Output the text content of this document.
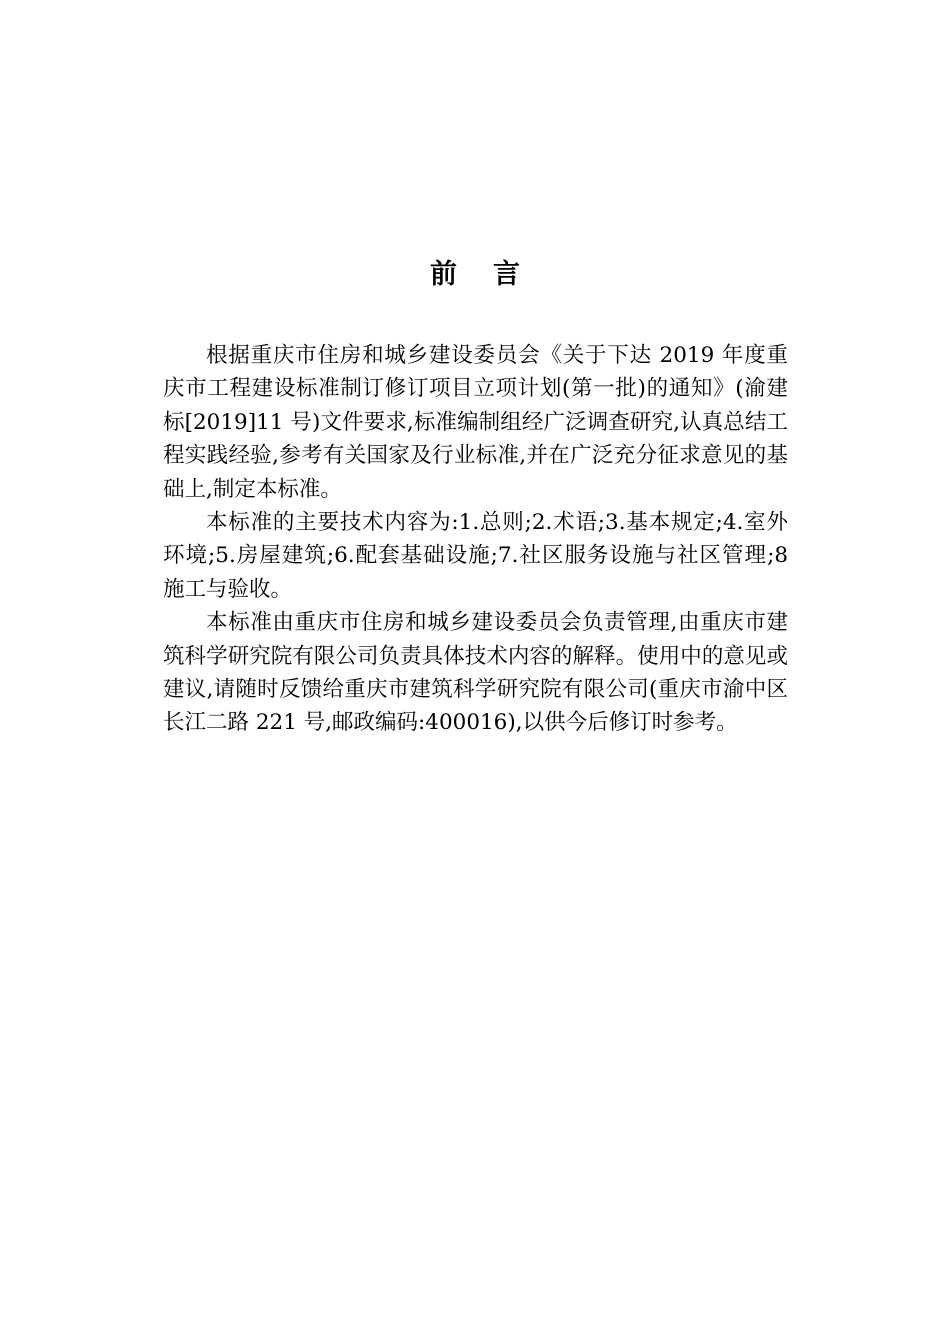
前 言

根据重庆市住房和城乡建设委员会《关于下达 2019 年度重庆市工程建设标准制订修订项目立项计划(第一批)的通知》(渝建标[2019]11 号)文件要求,标准编制组经广泛调查研究,认真总结工程实践经验,参考有关国家及行业标准,并在广泛充分征求意见的基础上,制定本标准。

本标准的主要技术内容为:1.总则;2.术语;3.基本规定;4.室外环境;5.房屋建筑;6.配套基础设施;7.社区服务设施与社区管理;8 施工与验收。

本标准由重庆市住房和城乡建设委员会负责管理,由重庆市建筑科学研究院有限公司负责具体技术内容的解释。使用中的意见或建议,请随时反馈给重庆市建筑科学研究院有限公司(重庆市渝中区长江二路 221 号,邮政编码:400016),以供今后修订时参考。
